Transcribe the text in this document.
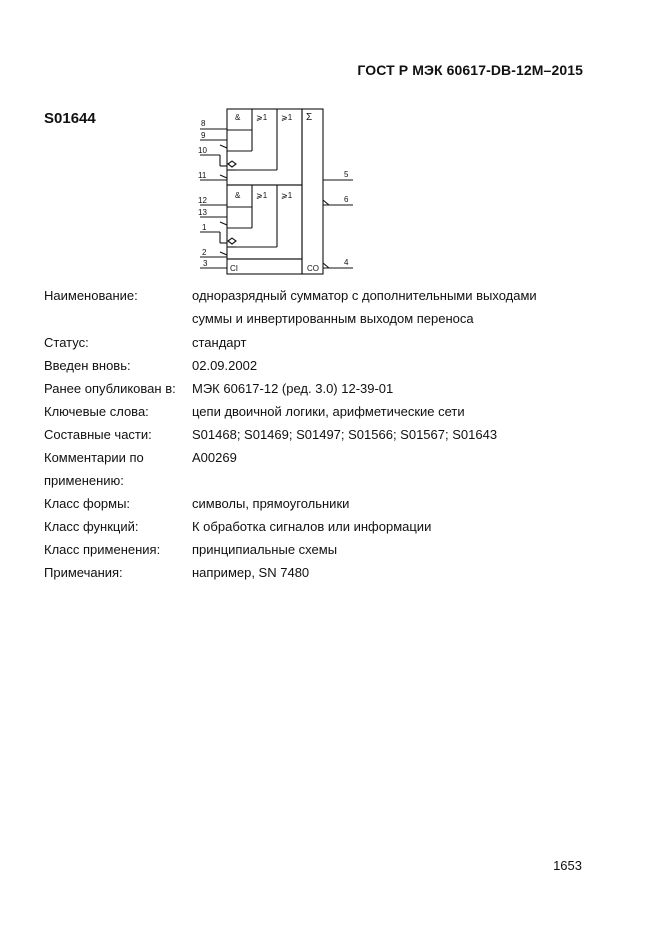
ГОСТ Р МЭК 60617-DB-12M–2015
S01644	Σ
& ⩾1 ⩾1
& ⩾1 ⩾1
CI	CO
8
9
10
11
12
13
1
2
3
5
6
4
Наименование:	одноразрядный сумматор с дополнительными выходами
суммы и инвертированным выходом переноса
Статус:	стандарт
Введен вновь:	02.09.2002
Ранее опубликован в:	МЭК 60617-12 (ред. 3.0) 12-39-01
Ключевые слова:	цепи двоичной логики, арифметические сети
Составные части:	S01468; S01469; S01497; S01566; S01567; S01643
Комментарии по
применению:
A00269
Класс формы:	символы, прямоугольники
Класс функций:	К обработка сигналов или информации
Класс применения:	принципиальные схемы
Примечания:	например, SN 7480
1653
